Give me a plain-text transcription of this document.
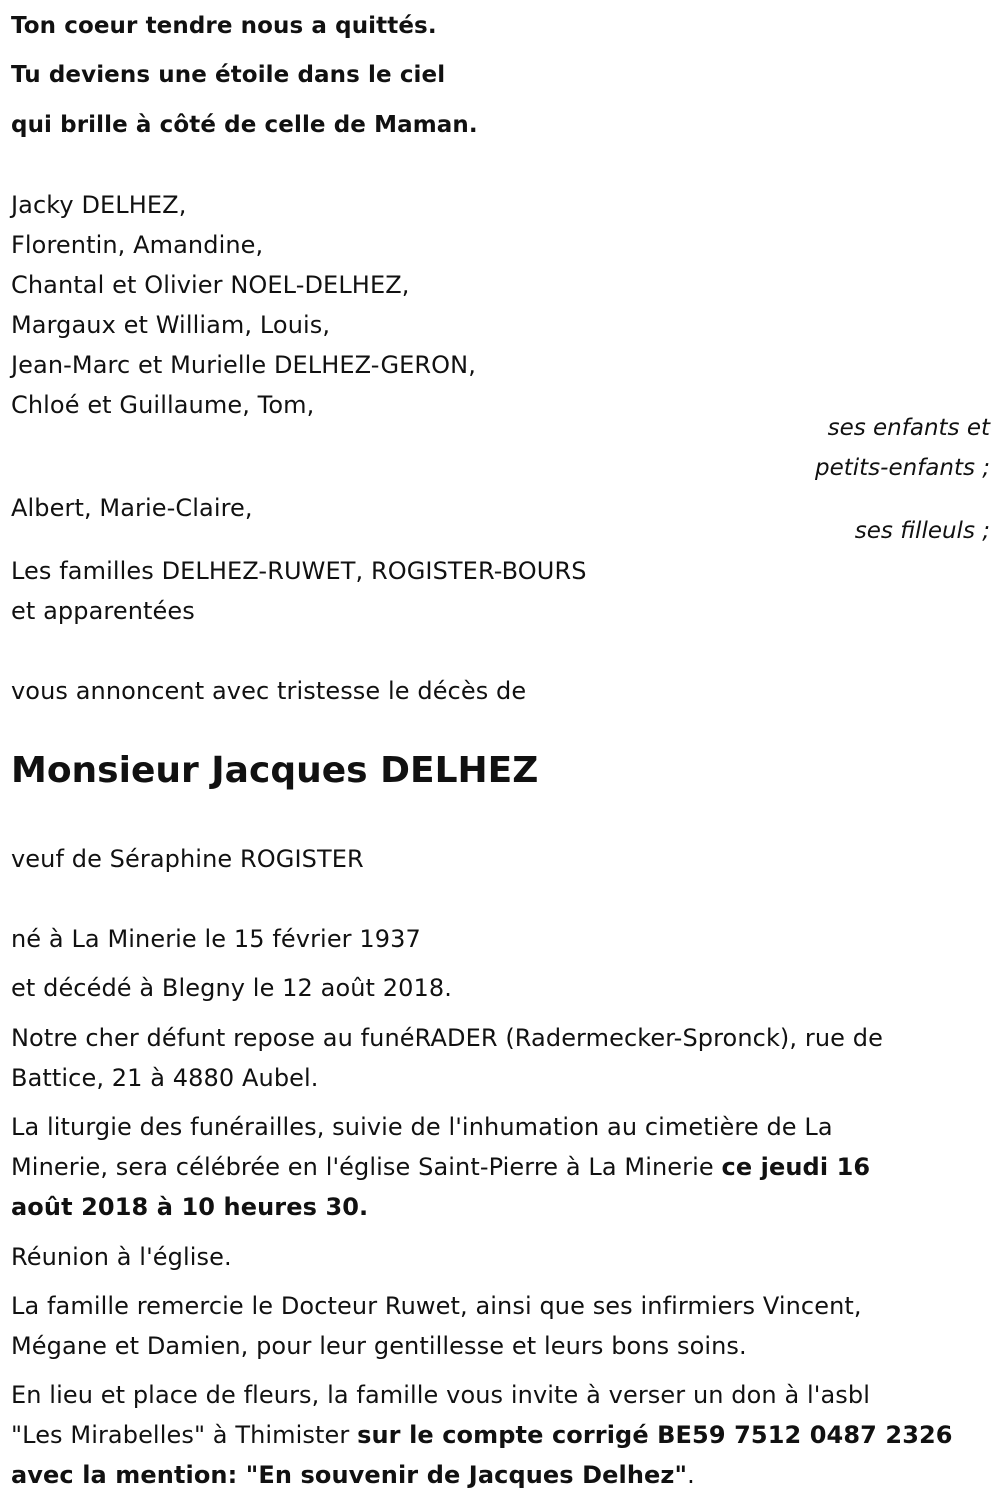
Ton coeur tendre nous a quittés.
Tu deviens une étoile dans le ciel
qui brille à côté de celle de Maman.
Jacky DELHEZ,
Florentin, Amandine,
Chantal et Olivier NOEL-DELHEZ,
Margaux et William, Louis,
Jean-Marc et Murielle DELHEZ-GERON,
Chloé et Guillaume, Tom,
ses enfants et
petits-enfants ;
Albert, Marie-Claire,
ses filleuls ;
Les familles DELHEZ-RUWET, ROGISTER-BOURS
et apparentées
vous annoncent avec tristesse le décès de
Monsieur Jacques DELHEZ
veuf de Séraphine ROGISTER
né à La Minerie le 15 février 1937
et décédé à Blegny le 12 août 2018.
Notre cher défunt repose au funéRADER (Radermecker-Spronck), rue de
Battice, 21 à 4880 Aubel.
La liturgie des funérailles, suivie de l'inhumation au cimetière de La
Minerie, sera célébrée en l'église Saint-Pierre à La Minerie ce jeudi 16
août 2018 à 10 heures 30.
Réunion à l'église.
La famille remercie le Docteur Ruwet, ainsi que ses infirmiers Vincent,
Mégane et Damien, pour leur gentillesse et leurs bons soins.
En lieu et place de fleurs, la famille vous invite à verser un don à l'asbl
"Les Mirabelles" à Thimister sur le compte corrigé BE59 7512 0487 2326
avec la mention: "En souvenir de Jacques Delhez".
